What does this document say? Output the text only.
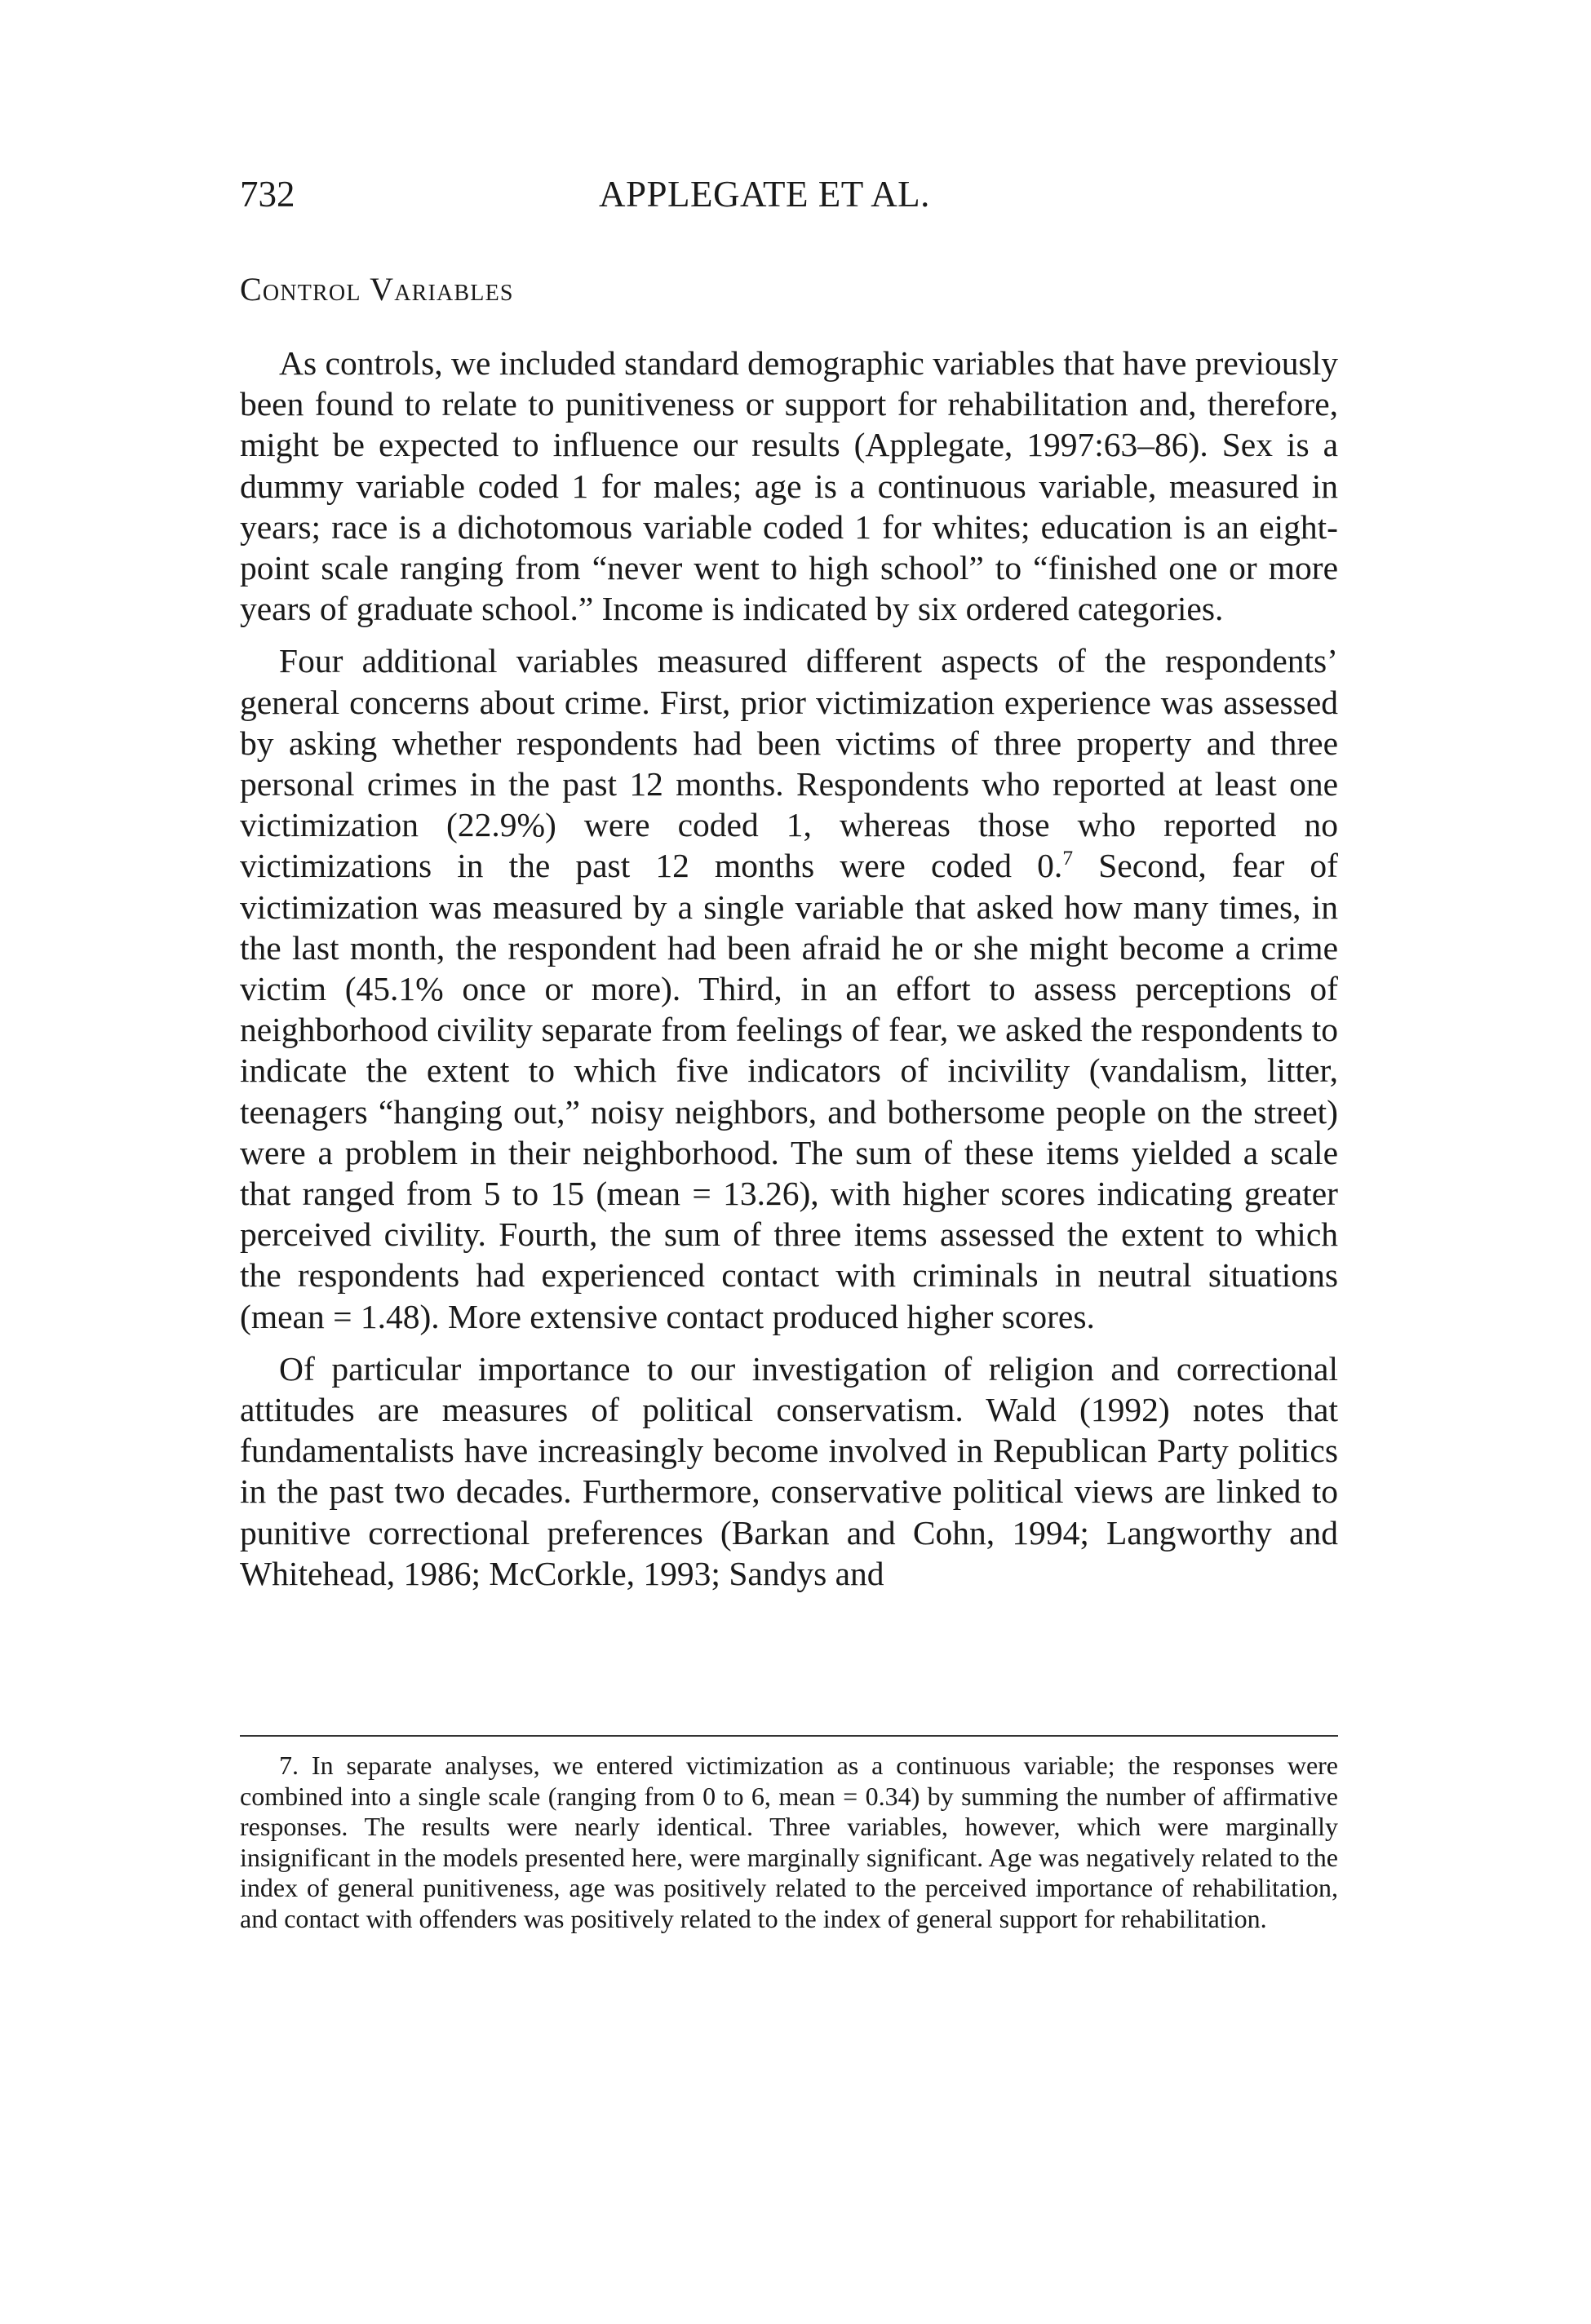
732	APPLEGATE ET AL.
Control Variables

As controls, we included standard demographic variables that have previously been found to relate to punitiveness or support for rehabilitation and, therefore, might be expected to influence our results (Applegate, 1997:63–86). Sex is a dummy variable coded 1 for males; age is a continuous variable, measured in years; race is a dichotomous variable coded 1 for whites; education is an eight-point scale ranging from “never went to high school” to “finished one or more years of graduate school.” Income is indicated by six ordered categories.

Four additional variables measured different aspects of the respondents’ general concerns about crime. First, prior victimization experience was assessed by asking whether respondents had been victims of three property and three personal crimes in the past 12 months. Respondents who reported at least one victimization (22.9%) were coded 1, whereas those who reported no victimizations in the past 12 months were coded 0.$^7$ Second, fear of victimization was measured by a single variable that asked how many times, in the last month, the respondent had been afraid he or she might become a crime victim (45.1% once or more). Third, in an effort to assess perceptions of neighborhood civility separate from feelings of fear, we asked the respondents to indicate the extent to which five indicators of incivility (vandalism, litter, teenagers “hanging out,” noisy neighbors, and bothersome people on the street) were a problem in their neighborhood. The sum of these items yielded a scale that ranged from 5 to 15 (mean = 13.26), with higher scores indicating greater perceived civility. Fourth, the sum of three items assessed the extent to which the respondents had experienced contact with criminals in neutral situations (mean = 1.48). More extensive contact produced higher scores.

Of particular importance to our investigation of religion and correctional attitudes are measures of political conservatism. Wald (1992) notes that fundamentalists have increasingly become involved in Republican Party politics in the past two decades. Furthermore, conservative political views are linked to punitive correctional preferences (Barkan and Cohn, 1994; Langworthy and Whitehead, 1986; McCorkle, 1993; Sandys and

7. In separate analyses, we entered victimization as a continuous variable; the responses were combined into a single scale (ranging from 0 to 6, mean = 0.34) by summing the number of affirmative responses. The results were nearly identical. Three variables, however, which were marginally insignificant in the models presented here, were marginally significant. Age was negatively related to the index of general punitiveness, age was positively related to the perceived importance of rehabilitation, and contact with offenders was positively related to the index of general support for rehabilitation.
